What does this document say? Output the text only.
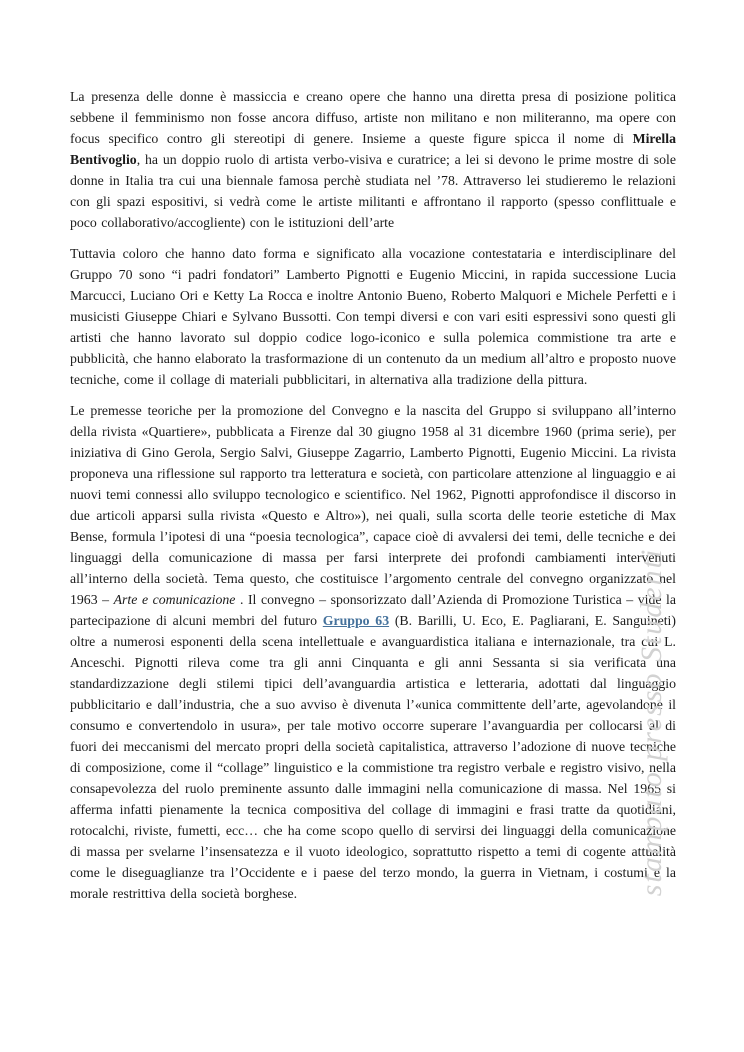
La presenza delle donne è massiccia e creano opere che hanno una diretta presa di posizione politica sebbene il femminismo non fosse ancora diffuso, artiste non militano e non militeranno, ma opere con focus specifico contro gli stereotipi di genere. Insieme a queste figure spicca il nome di Mirella Bentivoglio, ha un doppio ruolo di artista verbo-visiva e curatrice; a lei si devono le prime mostre di sole donne in Italia tra cui una biennale famosa perchè studiata nel ’78. Attraverso lei studieremo le relazioni con gli spazi espositivi, si vedrà come le artiste militanti e affrontano il rapporto (spesso conflittuale e poco collaborativo/accogliente) con le istituzioni dell’arte

Tuttavia coloro che hanno dato forma e significato alla vocazione contestataria e interdisciplinare del Gruppo 70 sono “i padri fondatori” Lamberto Pignotti e Eugenio Miccini, in rapida successione Lucia Marcucci, Luciano Ori e Ketty La Rocca e inoltre Antonio Bueno, Roberto Malquori e Michele Perfetti e i musicisti Giuseppe Chiari e Sylvano Bussotti. Con tempi diversi e con vari esiti espressivi sono questi gli artisti che hanno lavorato sul doppio codice logo-iconico e sulla polemica commistione tra arte e pubblicità, che hanno elaborato la trasformazione di un contenuto da un medium all’altro e proposto nuove tecniche, come il collage di materiali pubblicitari, in alternativa alla tradizione della pittura.

Le premesse teoriche per la promozione del Convegno e la nascita del Gruppo si sviluppano all’interno della rivista «Quartiere», pubblicata a Firenze dal 30 giugno 1958 al 31 dicembre 1960 (prima serie), per iniziativa di Gino Gerola, Sergio Salvi, Giuseppe Zagarrio, Lamberto Pignotti, Eugenio Miccini. La rivista proponeva una riflessione sul rapporto tra letteratura e società, con particolare attenzione al linguaggio e ai nuovi temi connessi allo sviluppo tecnologico e scientifico. Nel 1962, Pignotti approfondisce il discorso in due articoli apparsi sulla rivista «Questo e Altro»), nei quali, sulla scorta delle teorie estetiche di Max Bense, formula l’ipotesi di una “poesia tecnologica”, capace cioè di avvalersi dei temi, delle tecniche e dei linguaggi della comunicazione di massa per farsi interprete dei profondi cambiamenti intervenuti all’interno della società. Tema questo, che costituisce l’argomento centrale del convegno organizzato nel 1963 – Arte e comunicazione . Il convegno – sponsorizzato dall’Azienda di Promozione Turistica – vide la partecipazione di alcuni membri del futuro Gruppo 63 (B. Barilli, U. Eco, E. Pagliarani, E. Sanguineti) oltre a numerosi esponenti della scena intellettuale e avanguardistica italiana e internazionale, tra cui L. Anceschi. Pignotti rileva come tra gli anni Cinquanta e gli anni Sessanta si sia verificata una standardizzazione degli stilemi tipici dell’avanguardia artistica e letteraria, adottati dal linguaggio pubblicitario e dall’industria, che a suo avviso è divenuta l’«unica committente dell’arte, agevolandone il consumo e convertendolo in usura», per tale motivo occorre superare l’avanguardia per collocarsi al di fuori dei meccanismi del mercato propri della società capitalistica, attraverso l’adozione di nuove tecniche di composizione, come il “collage” linguistico e la commistione tra registro verbale e registro visivo, nella consapevolezza del ruolo preminente assunto dalle immagini nella comunicazione di massa. Nel 1965 si afferma infatti pienamente la tecnica compositiva del collage di immagini e frasi tratte da quotidiani, rotocalchi, riviste, fumetti, ecc… che ha come scopo quello di servirsi dei linguaggi della comunicazione di massa per svelarne l’insensatezza e il vuoto ideologico, soprattutto rispetto a temi di cogente attualità come le diseguaglianze tra l’Occidente e i paese del terzo mondo, la guerra in Vietnam, i costumi e la morale restrittiva della società borghese.	stampato presso Studenti
